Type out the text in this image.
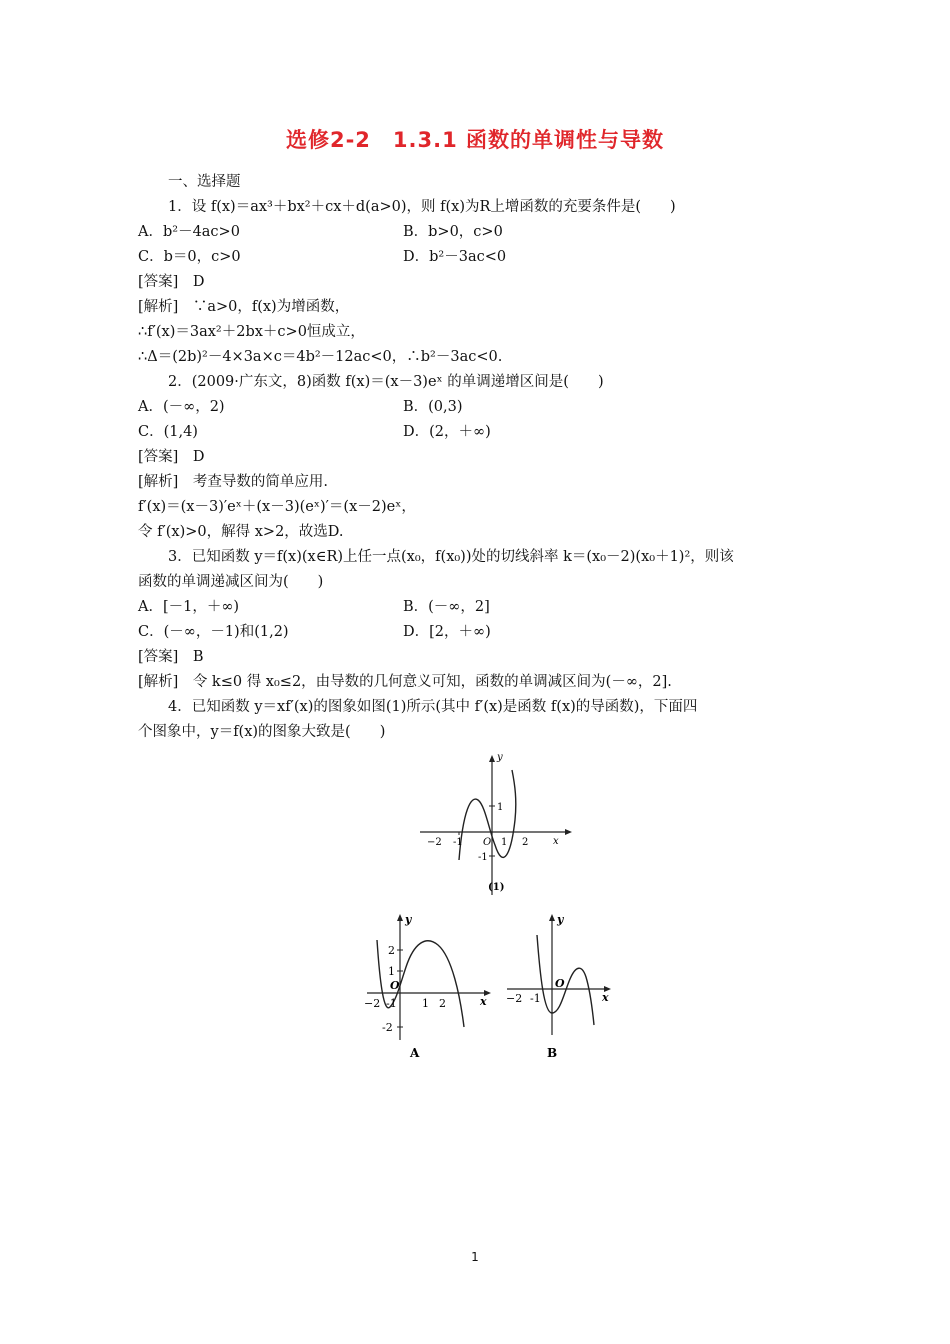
选修2-2　1.3.1 函数的单调性与导数
一、选择题
1．设 f(x)＝ax³＋bx²＋cx＋d(a>0)，则 f(x)为R上增函数的充要条件是(　　)
A．b²－4ac>0	B．b>0，c>0
C．b＝0，c>0	D．b²－3ac<0
[答案]　D
[解析]　∵a>0，f(x)为增函数，
∴f′(x)＝3ax²＋2bx＋c>0恒成立，
∴Δ＝(2b)²－4×3a×c＝4b²－12ac<0，∴b²－3ac<0.
2．(2009·广东文，8)函数 f(x)＝(x－3)eˣ 的单调递增区间是(　　)
A．(－∞，2)	B．(0,3)
C．(1,4)	D．(2，＋∞)
[答案]　D
[解析]　考查导数的简单应用.
f′(x)＝(x－3)′eˣ＋(x－3)(eˣ)′＝(x－2)eˣ，
令 f′(x)>0，解得 x>2，故选D.
3．已知函数 y＝f(x)(x∈R)上任一点(x₀，f(x₀))处的切线斜率 k＝(x₀－2)(x₀＋1)²，则该
函数的单调递减区间为(　　)
A．[－1，＋∞)	B．(－∞，2]
C．(－∞，－1)和(1,2)	D．[2，＋∞)
[答案]　B
[解析]　令 k≤0 得 x₀≤2，由导数的几何意义可知，函数的单调减区间为(－∞，2].
4．已知函数 y＝xf′(x)的图象如图(1)所示(其中 f′(x)是函数 f(x)的导函数)，下面四
个图象中，y＝f(x)的图象大致是(　　)
y
x
O
1
-1
−2 -1	1 2
(1)
y
x
O
2
1
-2
−2 -1 1 2
A
y
x
O
−2 -1
B
1
